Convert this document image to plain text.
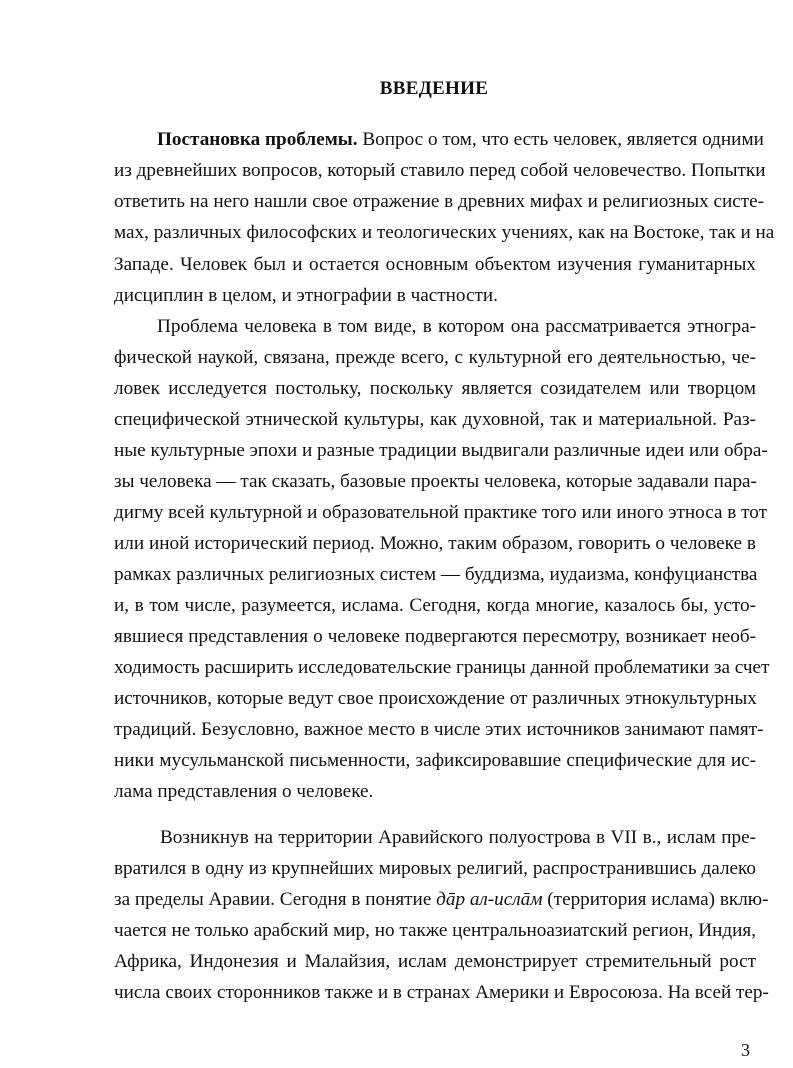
ВВЕДЕНИЕ

Постановка проблемы. Вопрос о том, что есть человек, является одними

из древнейших вопросов, который ставило перед собой человечество. Попытки

ответить на него нашли свое отражение в древних мифах и религиозных систе-

мах, различных философских и теологических учениях, как на Востоке, так и на

Западе. Человек был и остается основным объектом изучения гуманитарных

дисциплин в целом, и этнографии в частности.

Проблема человека в том виде, в котором она рассматривается этногра-

фической наукой, связана, прежде всего, с культурной его деятельностью, че-

ловек исследуется постольку, поскольку является созидателем или творцом

специфической этнической культуры, как духовной, так и материальной. Раз-

ные культурные эпохи и разные традиции выдвигали различные идеи или обра-

зы человека — так сказать, базовые проекты человека, которые задавали пара-

дигму всей культурной и образовательной практике того или иного этноса в тот

или иной исторический период. Можно, таким образом, говорить о человеке в

рамках различных религиозных систем — буддизма, иудаизма, конфуцианства

и, в том числе, разумеется, ислама. Сегодня, когда многие, казалось бы, усто-

явшиеся представления о человеке подвергаются пересмотру, возникает необ-

ходимость расширить исследовательские границы данной проблематики за счет

источников, которые ведут свое происхождение от различных этнокультурных

традиций. Безусловно, важное место в числе этих источников занимают памят-

ники мусульманской письменности, зафиксировавшие специфические для ис-

лама представления о человеке.

Возникнув на территории Аравийского полуострова в VII в., ислам пре-

вратился в одну из крупнейших мировых религий, распространившись далеко

за пределы Аравии. Сегодня в понятие дāр ал-ислāм (территория ислама) вклю-

чается не только арабский мир, но также центральноазиатский регион, Индия,

Африка, Индонезия и Малайзия, ислам демонстрирует стремительный рост

числа своих сторонников также и в странах Америки и Евросоюза. На всей тер-

3
